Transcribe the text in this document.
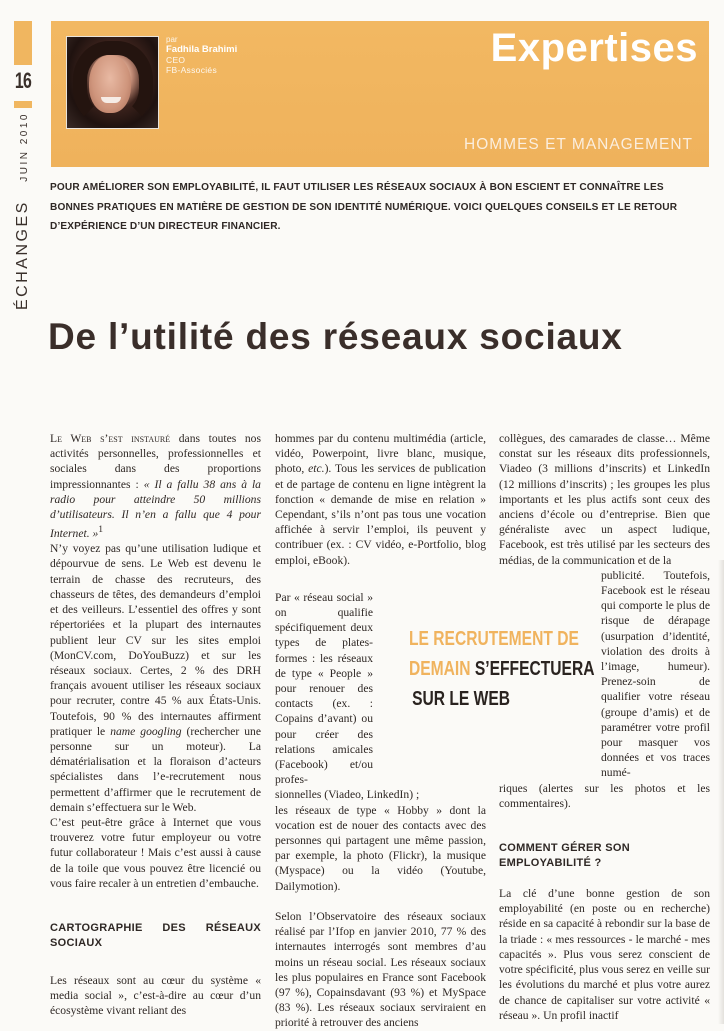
16
ÉCHANGES JUIN 2010
par
Fadhila Brahimi
CEO
FB-Associés	Expertises
HOMMES ET MANAGEMENT
POUR AMÉLIORER SON EMPLOYABILITÉ, IL FAUT UTILISER LES RÉSEAUX SOCIAUX À BON ESCIENT ET CONNAÎTRE LES BONNES PRATIQUES EN MATIÈRE DE GESTION DE SON IDENTITÉ NUMÉRIQUE. VOICI QUELQUES CONSEILS ET LE RETOUR D’EXPÉRIENCE D’UN DIRECTEUR FINANCIER.
De l’utilité des réseaux sociaux

Le Web s’est instauré dans toutes nos activités personnelles, professionnelles et sociales dans des proportions impressionnantes : « Il a fallu 38 ans à la radio pour atteindre 50 millions d’utilisateurs. Il n’en a fallu que 4 pour Internet. »$^1$

N’y voyez pas qu’une utilisation ludique et dépourvue de sens. Le Web est devenu le terrain de chasse des recruteurs, des chasseurs de têtes, des demandeurs d’emploi et des veilleurs. L’essentiel des offres y sont répertoriées et la plupart des internautes publient leur CV sur les sites emploi (MonCV.com, DoYouBuzz) et sur les réseaux sociaux. Certes, 2 % des DRH français avouent utiliser les réseaux sociaux pour recruter, contre 45 % aux États-Unis. Toutefois, 90 % des internautes affirment pratiquer le name googling (rechercher une personne sur un moteur). La dématérialisation et la floraison d’acteurs spécialistes dans l’e-recrutement nous permettent d’affirmer que le recrutement de demain s’effectuera sur le Web.

C’est peut-être grâce à Internet que vous trouverez votre futur employeur ou votre futur collaborateur ! Mais c’est aussi à cause de la toile que vous pouvez être licencié ou vous faire recaler à un entretien d’embauche.

CARTOGRAPHIE DES RÉSEAUX SOCIAUX

Les réseaux sont au cœur du système « media social », c’est-à-dire au cœur d’un écosystème vivant reliant des

hommes par du contenu multimédia (article, vidéo, Powerpoint, livre blanc, musique, photo, etc.). Tous les services de publication et de partage de contenu en ligne intègrent la fonction « demande de mise en relation » Cependant, s’ils n’ont pas tous une vocation affichée à servir l’emploi, ils peuvent y contribuer (ex. : CV vidéo, e-Portfolio, blog emploi, eBook).

Par « réseau social » on qualifie spécifiquement deux types de plates-formes : les réseaux de type « People » pour renouer des contacts (ex. : Copains d’avant) ou pour créer des relations amicales (Facebook) et/ou profes-

sionnelles (Viadeo, LinkedIn) ;

les réseaux de type « Hobby » dont la vocation est de nouer des contacts avec des personnes qui partagent une même passion, par exemple, la photo (Flickr), la musique (Myspace) ou la vidéo (Youtube, Dailymotion).

Selon l’Observatoire des réseaux sociaux réalisé par l’Ifop en janvier 2010, 77 % des internautes interrogés sont membres d’au moins un réseau social. Les réseaux sociaux les plus populaires en France sont Facebook (97 %), Copainsdavant (93 %) et MySpace (83 %). Les réseaux sociaux serviraient en priorité à retrouver des anciens

collègues, des camarades de classe… Même constat sur les réseaux dits professionnels, Viadeo (3 millions d’inscrits) et LinkedIn (12 millions d’inscrits) ; les groupes les plus importants et les plus actifs sont ceux des anciens d’école ou d’entreprise. Bien que généraliste avec un aspect ludique, Facebook, est très utilisé par les secteurs des médias, de la communication et de la

publicité. Toutefois, Facebook est le réseau qui comporte le plus de risque de dérapage (usurpation d’identité, violation des droits à l’image, humeur). Prenez-soin de qualifier votre réseau (groupe d’amis) et de paramétrer votre profil pour masquer vos données et vos traces numé-

riques (alertes sur les photos et les commentaires).

COMMENT GÉRER SON EMPLOYABILITÉ ?

La clé d’une bonne gestion de son employabilité (en poste ou en recherche) réside en sa capacité à rebondir sur la base de la triade : « mes ressources - le marché - mes capacités ». Plus vous serez conscient de votre spécificité, plus vous serez en veille sur les évolutions du marché et plus votre aurez de chance de capitaliser sur votre activité « réseau ». Un profil inactif

LE RECRUTEMENT DE
DEMAIN S’EFFECTUERA
SUR LE WEB
